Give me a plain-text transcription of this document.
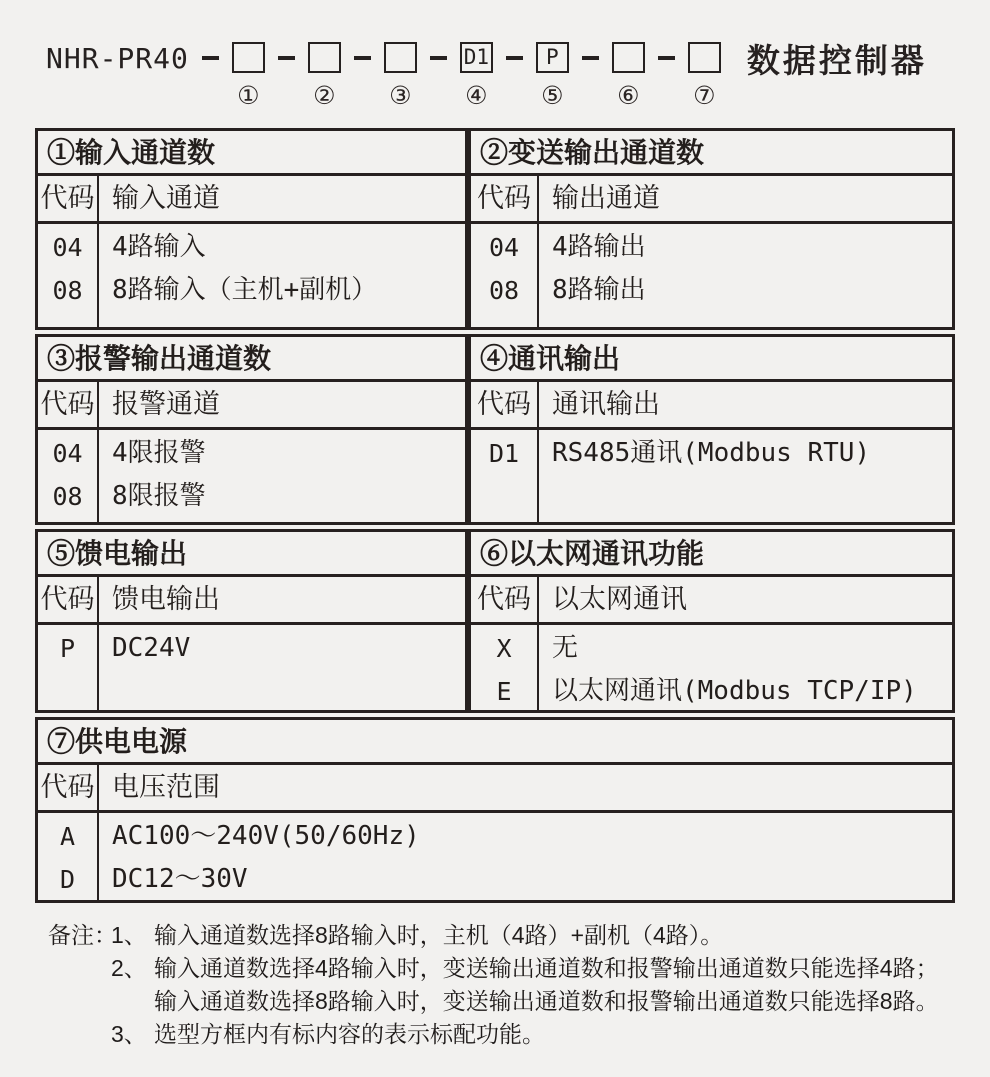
NHR-PR40
① ② ③
D1
④
P
⑤ ⑥ ⑦
数据控制器
①输入通道数
代码 输入通道
04
08
4路输入
8路输入（主机+副机）
②变送输出通道数
代码 输出通道
04
08
4路输出
8路输出
③报警输出通道数
代码 报警通道
04
08
4限报警
8限报警
④通讯输出
代码 通讯输出
D1	RS485通讯(Modbus RTU)
⑤馈电输出
代码 馈电输出
P	DC24V
⑥以太网通讯功能
代码 以太网通讯
X
E
无
以太网通讯(Modbus TCP/IP)
⑦供电电源
代码 电压范围
A
D
AC100～240V(50/60Hz)
DC12～30V
备注：
1、 输入通道数选择8路输入时，主机（4路）+副机（4路）。
2、 输入通道数选择4路输入时，变送输出通道数和报警输出通道数只能选择4路；
输入通道数选择8路输入时，变送输出通道数和报警输出通道数只能选择8路。
3、 选型方框内有标内容的表示标配功能。
